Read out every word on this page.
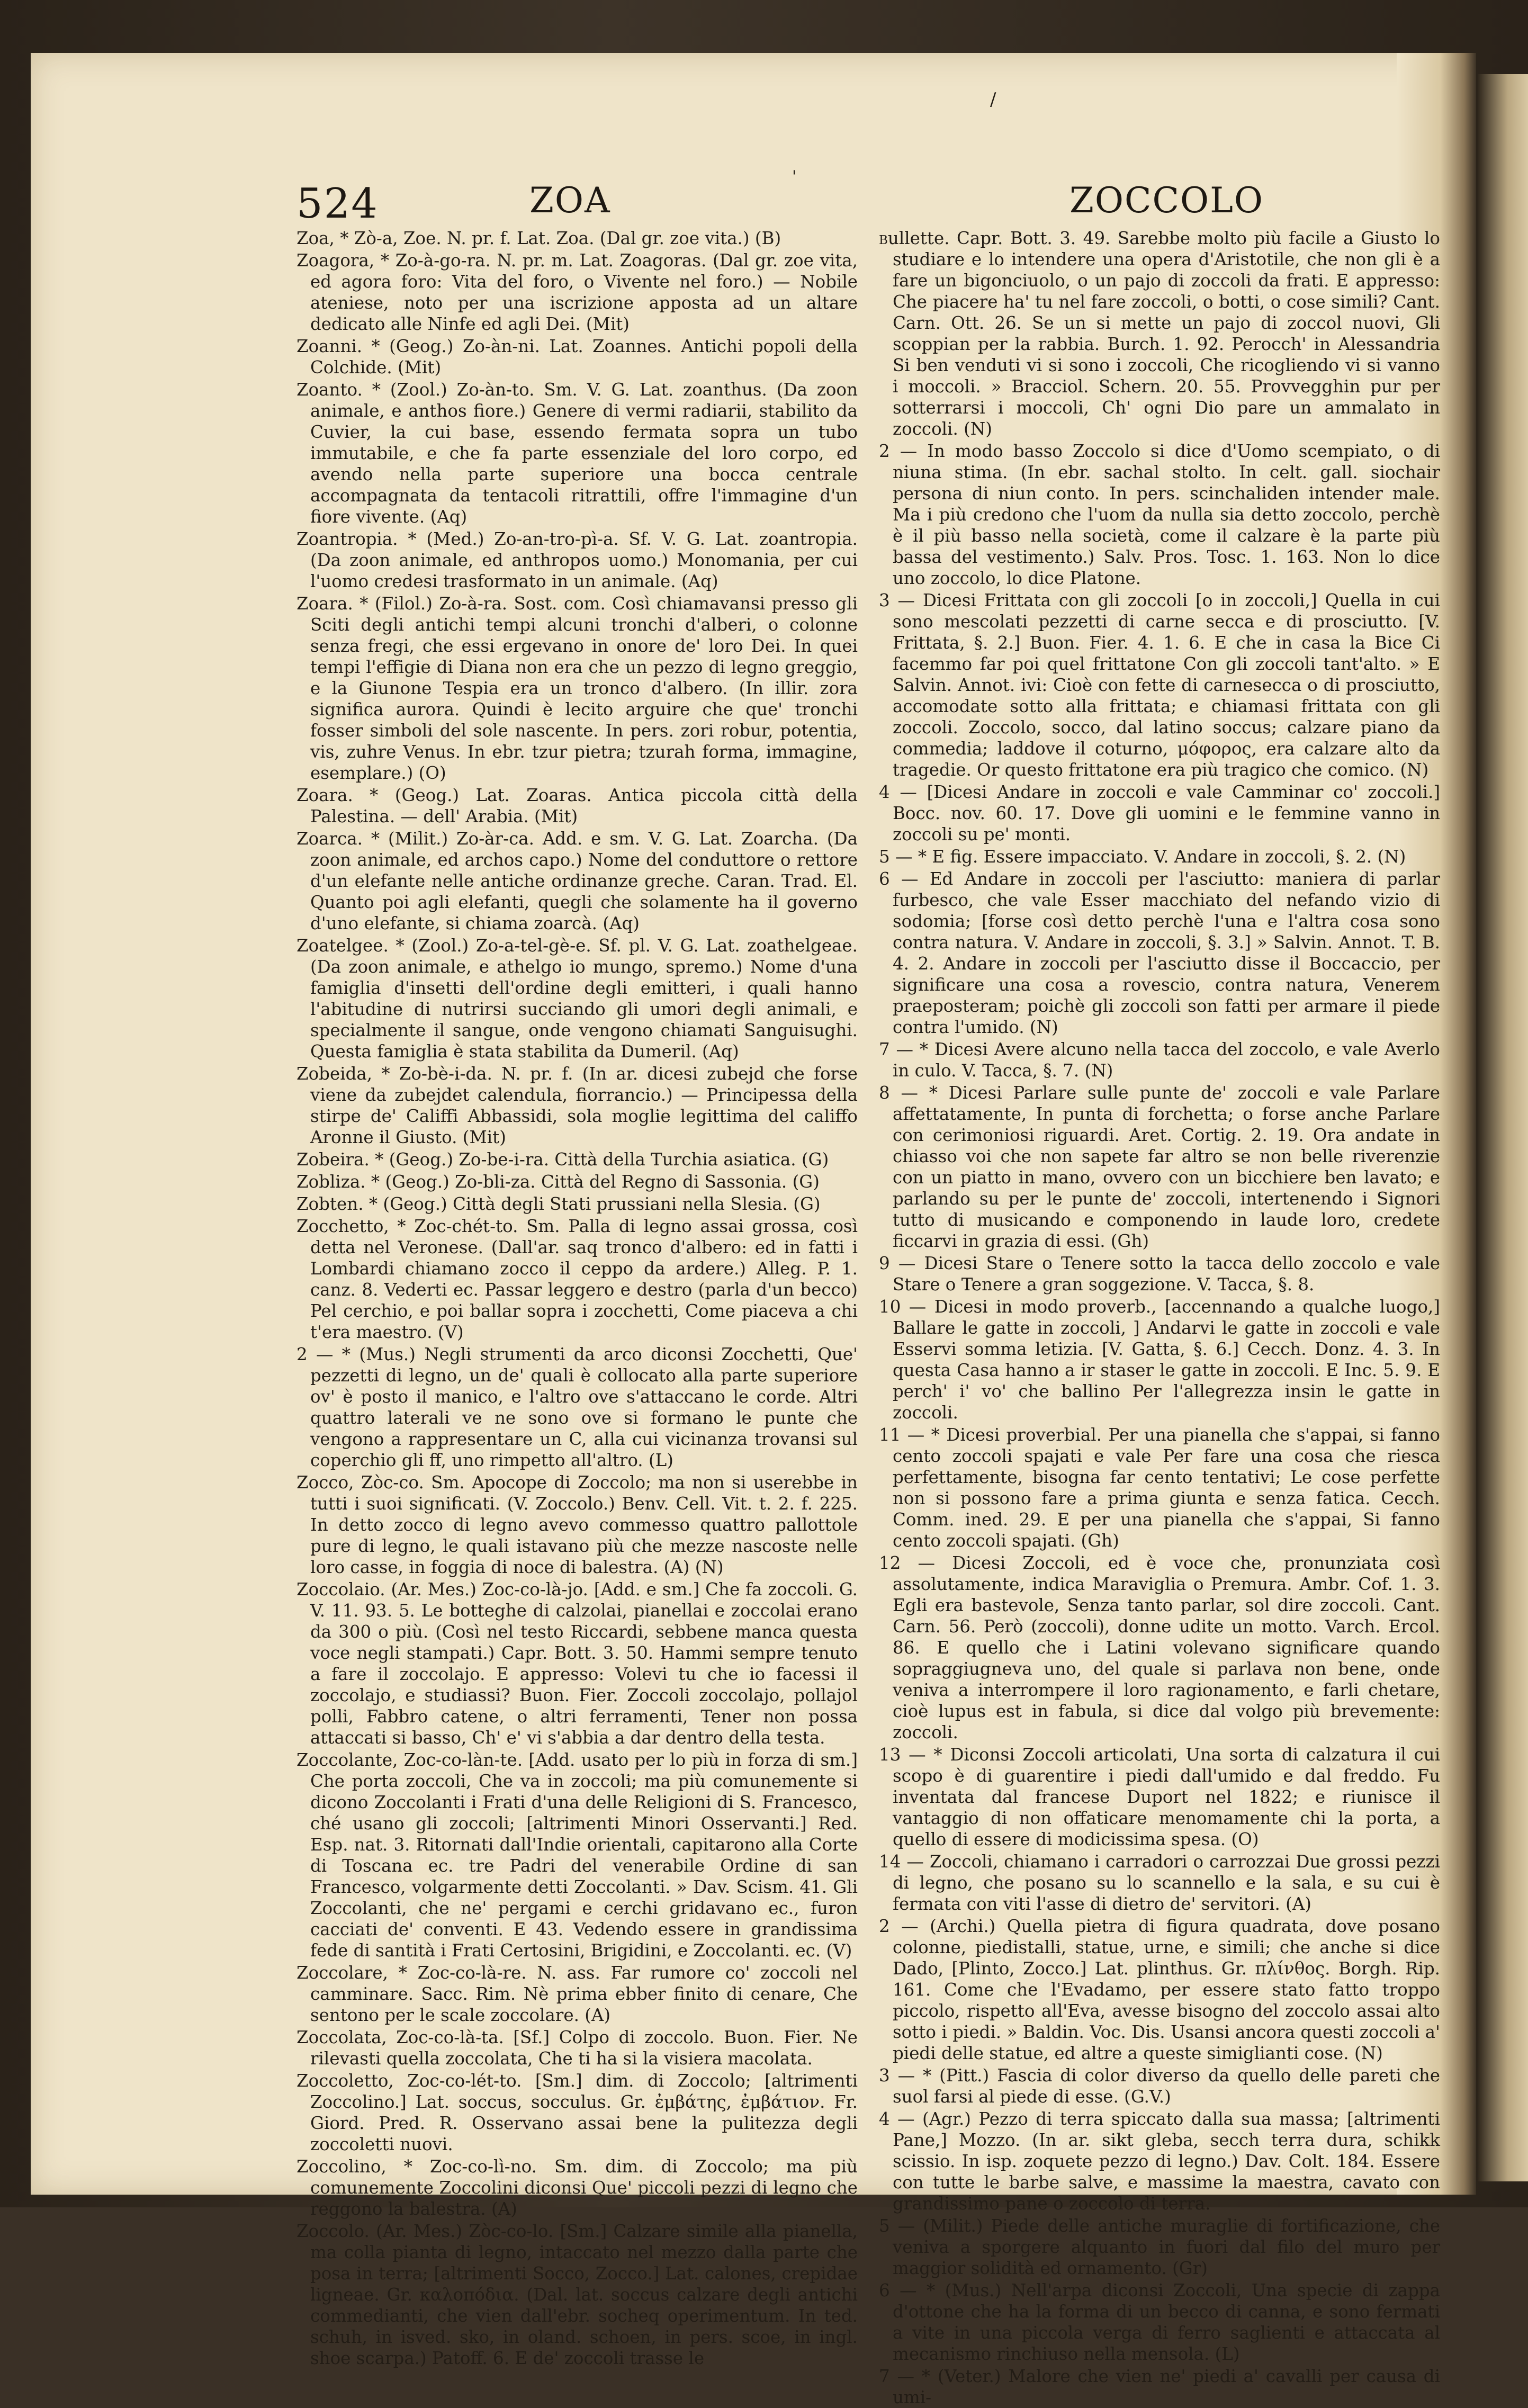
/
'
524	ZOA	ZOCCOLO

Zoa, * Zò-a, Zoe. N. pr. f. Lat. Zoa. (Dal gr. zoe vita.) (B)

Zoagora, * Zo-à-go-ra. N. pr. m. Lat. Zoagoras. (Dal gr. zoe vita, ed agora foro: Vita del foro, o Vivente nel foro.) — Nobile ateniese, noto per una iscrizione apposta ad un altare dedicato alle Ninfe ed agli Dei. (Mit)

Zoanni. * (Geog.) Zo-àn-ni. Lat. Zoannes. Antichi popoli della Colchide. (Mit)

Zoanto. * (Zool.) Zo-àn-to. Sm. V. G. Lat. zoanthus. (Da zoon animale, e anthos fiore.) Genere di vermi radiarii, stabilito da Cuvier, la cui base, essendo fermata sopra un tubo immutabile, e che fa parte essenziale del loro corpo, ed avendo nella parte superiore una bocca centrale accompagnata da tentacoli ritrattili, offre l'immagine d'un fiore vivente. (Aq)

Zoantropia. * (Med.) Zo-an-tro-pì-a. Sf. V. G. Lat. zoantropia. (Da zoon animale, ed anthropos uomo.) Monomania, per cui l'uomo credesi trasformato in un animale. (Aq)

Zoara. * (Filol.) Zo-à-ra. Sost. com. Così chiamavansi presso gli Sciti degli antichi tempi alcuni tronchi d'alberi, o colonne senza fregi, che essi ergevano in onore de' loro Dei. In quei tempi l'effigie di Diana non era che un pezzo di legno greggio, e la Giunone Tespia era un tronco d'albero. (In illir. zora significa aurora. Quindi è lecito arguire che que' tronchi fosser simboli del sole nascente. In pers. zori robur, potentia, vis, zuhre Venus. In ebr. tzur pietra; tzurah forma, immagine, esemplare.) (O)

Zoara. * (Geog.) Lat. Zoaras. Antica piccola città della Palestina. — dell' Arabia. (Mit)

Zoarca. * (Milit.) Zo-àr-ca. Add. e sm. V. G. Lat. Zoarcha. (Da zoon animale, ed archos capo.) Nome del conduttore o rettore d'un elefante nelle antiche ordinanze greche. Caran. Trad. El. Quanto poi agli elefanti, quegli che solamente ha il governo d'uno elefante, si chiama zoarcà. (Aq)

Zoatelgee. * (Zool.) Zo-a-tel-gè-e. Sf. pl. V. G. Lat. zoathelgeae. (Da zoon animale, e athelgo io mungo, spremo.) Nome d'una famiglia d'insetti dell'ordine degli emitteri, i quali hanno l'abitudine di nutrirsi succiando gli umori degli animali, e specialmente il sangue, onde vengono chiamati Sanguisughi. Questa famiglia è stata stabilita da Dumeril. (Aq)

Zobeida, * Zo-bè-i-da. N. pr. f. (In ar. dicesi zubejd che forse viene da zubejdet calendula, fiorrancio.) — Principessa della stirpe de' Califfi Abbassidi, sola moglie legittima del califfo Aronne il Giusto. (Mit)

Zobeira. * (Geog.) Zo-be-i-ra. Città della Turchia asiatica. (G)

Zobliza. * (Geog.) Zo-bli-za. Città del Regno di Sassonia. (G)

Zobten. * (Geog.) Città degli Stati prussiani nella Slesia. (G)

Zocchetto, * Zoc-chét-to. Sm. Palla di legno assai grossa, così detta nel Veronese. (Dall'ar. saq tronco d'albero: ed in fatti i Lombardi chiamano zocco il ceppo da ardere.) Alleg. P. 1. canz. 8. Vederti ec. Passar leggero e destro (parla d'un becco) Pel cerchio, e poi ballar sopra i zocchetti, Come piaceva a chi t'era maestro. (V)

2 — * (Mus.) Negli strumenti da arco diconsi Zocchetti, Que' pezzetti di legno, un de' quali è collocato alla parte superiore ov' è posto il manico, e l'altro ove s'attaccano le corde. Altri quattro laterali ve ne sono ove si formano le punte che vengono a rappresentare un C, alla cui vicinanza trovansi sul coperchio gli ff, uno rimpetto all'altro. (L)

Zocco, Zòc-co. Sm. Apocope di Zoccolo; ma non si userebbe in tutti i suoi significati. (V. Zoccolo.) Benv. Cell. Vit. t. 2. f. 225. In detto zocco di legno avevo commesso quattro pallottole pure di legno, le quali istavano più che mezze nascoste nelle loro casse, in foggia di noce di balestra. (A) (N)

Zoccolaio. (Ar. Mes.) Zoc-co-là-jo. [Add. e sm.] Che fa zoccoli. G. V. 11. 93. 5. Le botteghe di calzolai, pianellai e zoccolai erano da 300 o più. (Così nel testo Riccardi, sebbene manca questa voce negli stampati.) Capr. Bott. 3. 50. Hammi sempre tenuto a fare il zoccolajo. E appresso: Volevi tu che io facessi il zoccolajo, e studiassi? Buon. Fier. Zoccoli zoccolajo, pollajol polli, Fabbro catene, o altri ferramenti, Tener non possa attaccati si basso, Ch' e' vi s'abbia a dar dentro della testa.

Zoccolante, Zoc-co-làn-te. [Add. usato per lo più in forza di sm.] Che porta zoccoli, Che va in zoccoli; ma più comunemente si dicono Zoccolanti i Frati d'una delle Religioni di S. Francesco, ché usano gli zoccoli; [altrimenti Minori Osservanti.] Red. Esp. nat. 3. Ritornati dall'Indie orientali, capitarono alla Corte di Toscana ec. tre Padri del venerabile Ordine di san Francesco, volgarmente detti Zoccolanti. » Dav. Scism. 41. Gli Zoccolanti, che ne' pergami e cerchi gridavano ec., furon cacciati de' conventi. E 43. Vedendo essere in grandissima fede di santità i Frati Certosini, Brigidini, e Zoccolanti. ec. (V)

Zoccolare, * Zoc-co-là-re. N. ass. Far rumore co' zoccoli nel camminare. Sacc. Rim. Nè prima ebber finito di cenare, Che sentono per le scale zoccolare. (A)

Zoccolata, Zoc-co-là-ta. [Sf.] Colpo di zoccolo. Buon. Fier. Ne rilevasti quella zoccolata, Che ti ha si la visiera macolata.

Zoccoletto, Zoc-co-lét-to. [Sm.] dim. di Zoccolo; [altrimenti Zoccolino.] Lat. soccus, socculus. Gr. ἐμβάτης, ἐμβάτιον. Fr. Giord. Pred. R. Osservano assai bene la pulitezza degli zoccoletti nuovi.

Zoccolino, * Zoc-co-lì-no. Sm. dim. di Zoccolo; ma più comunemente Zoccolini diconsi Que' piccoli pezzi di legno che reggono la balestra. (A)

Zoccolo. (Ar. Mes.) Zòc-co-lo. [Sm.] Calzare simile alla pianella, ma colla pianta di legno, intaccato nel mezzo dalla parte che posa in terra; [altrimenti Socco, Zocco.] Lat. calones, crepidae ligneae. Gr. καλοπόδια. (Dal. lat. soccus calzare degli antichi commedianti, che vien dall'ebr. socheq operimentum. In ted. schuh, in isved. sko, in oland. schoen, in pers. scoe, in ingl. shoe scarpa.) Patoff. 6. E de' zoccoli trasse le

bullette. Capr. Bott. 3. 49. Sarebbe molto più facile a Giusto lo studiare e lo intendere una opera d'Aristotile, che non gli è a fare un bigonciuolo, o un pajo di zoccoli da frati. E appresso: Che piacere ha' tu nel fare zoccoli, o botti, o cose simili? Cant. Carn. Ott. 26. Se un si mette un pajo di zoccol nuovi, Gli scoppian per la rabbia. Burch. 1. 92. Perocch' in Alessandria Si ben venduti vi si sono i zoccoli, Che ricogliendo vi si vanno i moccoli. » Bracciol. Schern. 20. 55. Provvegghin pur per sotterrarsi i moccoli, Ch' ogni Dio pare un ammalato in zoccoli. (N)

2 — In modo basso Zoccolo si dice d'Uomo scempiato, o di niuna stima. (In ebr. sachal stolto. In celt. gall. siochair persona di niun conto. In pers. scinchaliden intender male. Ma i più credono che l'uom da nulla sia detto zoccolo, perchè è il più basso nella società, come il calzare è la parte più bassa del vestimento.) Salv. Pros. Tosc. 1. 163. Non lo dice uno zoccolo, lo dice Platone.

3 — Dicesi Frittata con gli zoccoli [o in zoccoli,] Quella in cui sono mescolati pezzetti di carne secca e di prosciutto. [V. Frittata, §. 2.] Buon. Fier. 4. 1. 6. E che in casa la Bice Ci facemmo far poi quel frittatone Con gli zoccoli tant'alto. » E Salvin. Annot. ivi: Cioè con fette di carnesecca o di prosciutto, accomodate sotto alla frittata; e chiamasi frittata con gli zoccoli. Zoccolo, socco, dal latino soccus; calzare piano da commedia; laddove il coturno, μόφορος, era calzare alto da tragedie. Or questo frittatone era più tragico che comico. (N)

4 — [Dicesi Andare in zoccoli e vale Camminar co' zoccoli.] Bocc. nov. 60. 17. Dove gli uomini e le femmine vanno in zoccoli su pe' monti.

5 — * E fig. Essere impacciato. V. Andare in zoccoli, §. 2. (N)

6 — Ed Andare in zoccoli per l'asciutto: maniera di parlar furbesco, che vale Esser macchiato del nefando vizio di sodomia; [forse così detto perchè l'una e l'altra cosa sono contra natura. V. Andare in zoccoli, §. 3.] » Salvin. Annot. T. B. 4. 2. Andare in zoccoli per l'asciutto disse il Boccaccio, per significare una cosa a rovescio, contra natura, Venerem praeposteram; poichè gli zoccoli son fatti per armare il piede contra l'umido. (N)

7 — * Dicesi Avere alcuno nella tacca del zoccolo, e vale Averlo in culo. V. Tacca, §. 7. (N)

8 — * Dicesi Parlare sulle punte de' zoccoli e vale Parlare affettatamente, In punta di forchetta; o forse anche Parlare con cerimoniosi riguardi. Aret. Cortig. 2. 19. Ora andate in chiasso voi che non sapete far altro se non belle riverenzie con un piatto in mano, ovvero con un bicchiere ben lavato; e parlando su per le punte de' zoccoli, intertenendo i Signori tutto di musicando e componendo in laude loro, credete ficcarvi in grazia di essi. (Gh)

9 — Dicesi Stare o Tenere sotto la tacca dello zoccolo e vale Stare o Tenere a gran soggezione. V. Tacca, §. 8.

10 — Dicesi in modo proverb., [accennando a qualche luogo,] Ballare le gatte in zoccoli, ] Andarvi le gatte in zoccoli e vale Esservi somma letizia. [V. Gatta, §. 6.] Cecch. Donz. 4. 3. In questa Casa hanno a ir staser le gatte in zoccoli. E Inc. 5. 9. E perch' i' vo' che ballino Per l'allegrezza insin le gatte in zoccoli.

11 — * Dicesi proverbial. Per una pianella che s'appai, si fanno cento zoccoli spajati e vale Per fare una cosa che riesca perfettamente, bisogna far cento tentativi; Le cose perfette non si possono fare a prima giunta e senza fatica. Cecch. Comm. ined. 29. E per una pianella che s'appai, Si fanno cento zoccoli spajati. (Gh)

12 — Dicesi Zoccoli, ed è voce che, pronunziata così assolutamente, indica Maraviglia o Premura. Ambr. Cof. 1. 3. Egli era bastevole, Senza tanto parlar, sol dire zoccoli. Cant. Carn. 56. Però (zoccoli), donne udite un motto. Varch. Ercol. 86. E quello che i Latini volevano significare quando sopraggiugneva uno, del quale si parlava non bene, onde veniva a interrompere il loro ragionamento, e farli chetare, cioè lupus est in fabula, si dice dal volgo più brevemente: zoccoli.

13 — * Diconsi Zoccoli articolati, Una sorta di calzatura il cui scopo è di guarentire i piedi dall'umido e dal freddo. Fu inventata dal francese Duport nel 1822; e riunisce il vantaggio di non offaticare menomamente chi la porta, a quello di essere di modicissima spesa. (O)

14 — Zoccoli, chiamano i carradori o carrozzai Due grossi pezzi di legno, che posano su lo scannello e la sala, e su cui è fermata con viti l'asse di dietro de' servitori. (A)

2 — (Archi.) Quella pietra di figura quadrata, dove posano colonne, piedistalli, statue, urne, e simili; che anche si dice Dado, [Plinto, Zocco.] Lat. plinthus. Gr. πλίνθος. Borgh. Rip. 161. Come che l'Evadamo, per essere stato fatto troppo piccolo, rispetto all'Eva, avesse bisogno del zoccolo assai alto sotto i piedi. » Baldin. Voc. Dis. Usansi ancora questi zoccoli a' piedi delle statue, ed altre a queste simiglianti cose. (N)

3 — * (Pitt.) Fascia di color diverso da quello delle pareti che suol farsi al piede di esse. (G.V.)

4 — (Agr.) Pezzo di terra spiccato dalla sua massa; [altrimenti Pane,] Mozzo. (In ar. sikt gleba, secch terra dura, schikk scissio. In isp. zoquete pezzo di legno.) Dav. Colt. 184. Essere con tutte le barbe salve, e massime la maestra, cavato con grandissimo pane o zoccolo di terra.

5 — (Milit.) Piede delle antiche muraglie di fortificazione, che veniva a sporgere alquanto in fuori dal filo del muro per maggior solidità ed ornamento. (Gr)

6 — * (Mus.) Nell'arpa diconsi Zoccoli, Una specie di zappa d'ottone che ha la forma di un becco di canna, e sono fermati a vite in una piccola verga di ferro saglienti e attaccata al mecanismo rinchiuso nella mensola. (L)

7 — * (Veter.) Malore che vien ne' piedi a' cavalli per causa di umi-
